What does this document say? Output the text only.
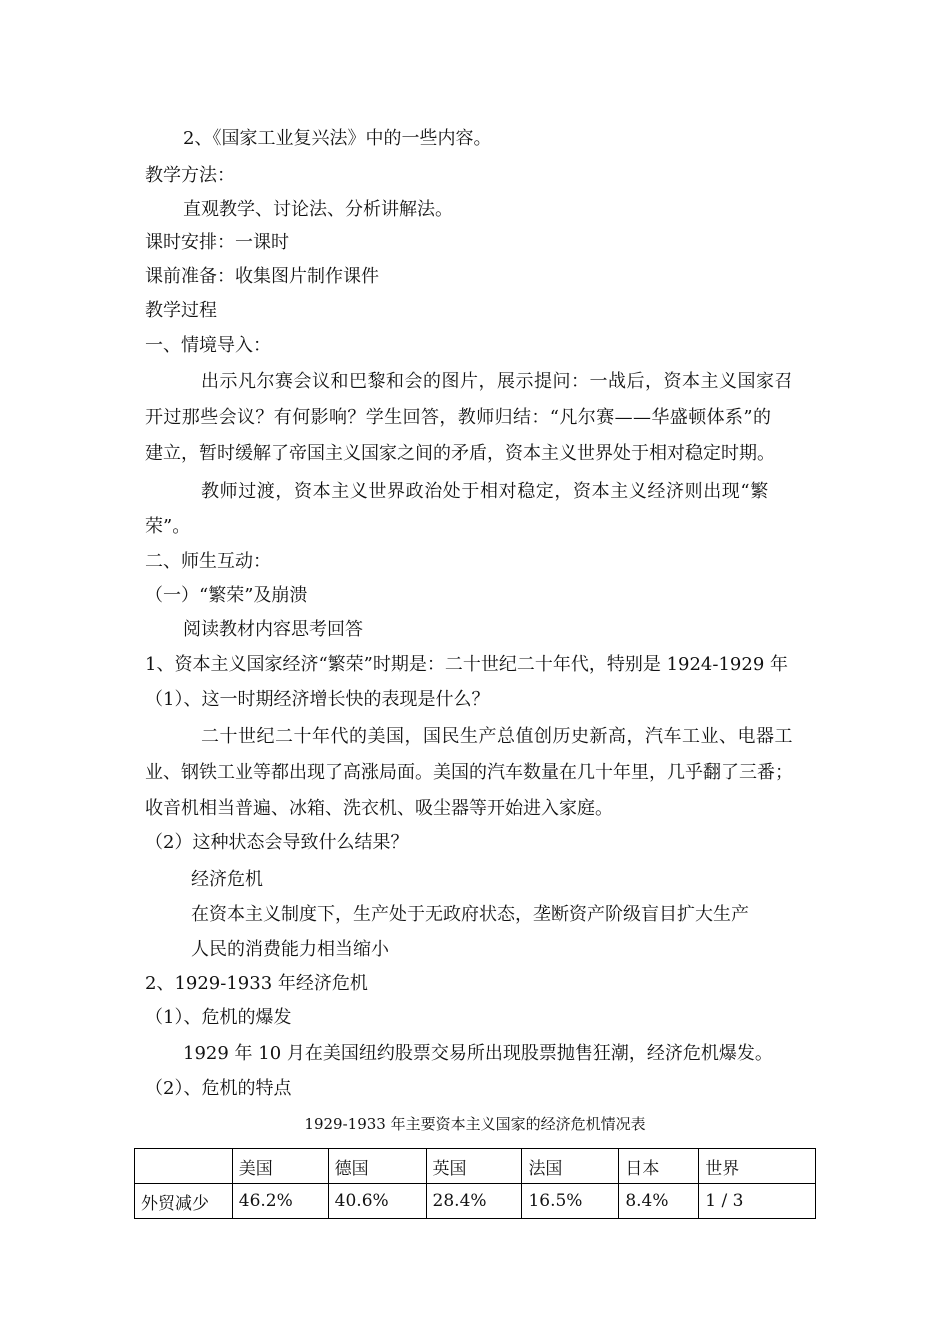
2、《国家工业复兴法》中的一些内容。
教学方法：
直观教学、讨论法、分析讲解法。
课时安排：一课时
课前准备：收集图片制作课件
教学过程
一、情境导入：
出示凡尔赛会议和巴黎和会的图片，展示提问：一战后，资本主义国家召
开过那些会议？有何影响？学生回答，教师归结：“凡尔赛——华盛顿体系”的
建立，暂时缓解了帝国主义国家之间的矛盾，资本主义世界处于相对稳定时期。
教师过渡，资本主义世界政治处于相对稳定，资本主义经济则出现“繁
荣”。
二、师生互动：
（一）“繁荣”及崩溃
阅读教材内容思考回答
1、资本主义国家经济“繁荣”时期是：二十世纪二十年代，特别是 1924-1929 年
（1）、这一时期经济增长快的表现是什么？
二十世纪二十年代的美国，国民生产总值创历史新高，汽车工业、电器工
业、钢铁工业等都出现了高涨局面。美国的汽车数量在几十年里，几乎翻了三番；
收音机相当普遍、冰箱、洗衣机、吸尘器等开始进入家庭。
（2）这种状态会导致什么结果？
经济危机
在资本主义制度下，生产处于无政府状态，垄断资产阶级盲目扩大生产
人民的消费能力相当缩小
2、1929-1933 年经济危机
（1）、危机的爆发
1929 年 10 月在美国纽约股票交易所出现股票抛售狂潮，经济危机爆发。
（2）、危机的特点
1929-1933 年主要资本主义国家的经济危机情况表
	美国	德国	英国	法国	日本	世界
外贸减少	46.2%	40.6%	28.4%	16.5%	8.4%	1 / 3
